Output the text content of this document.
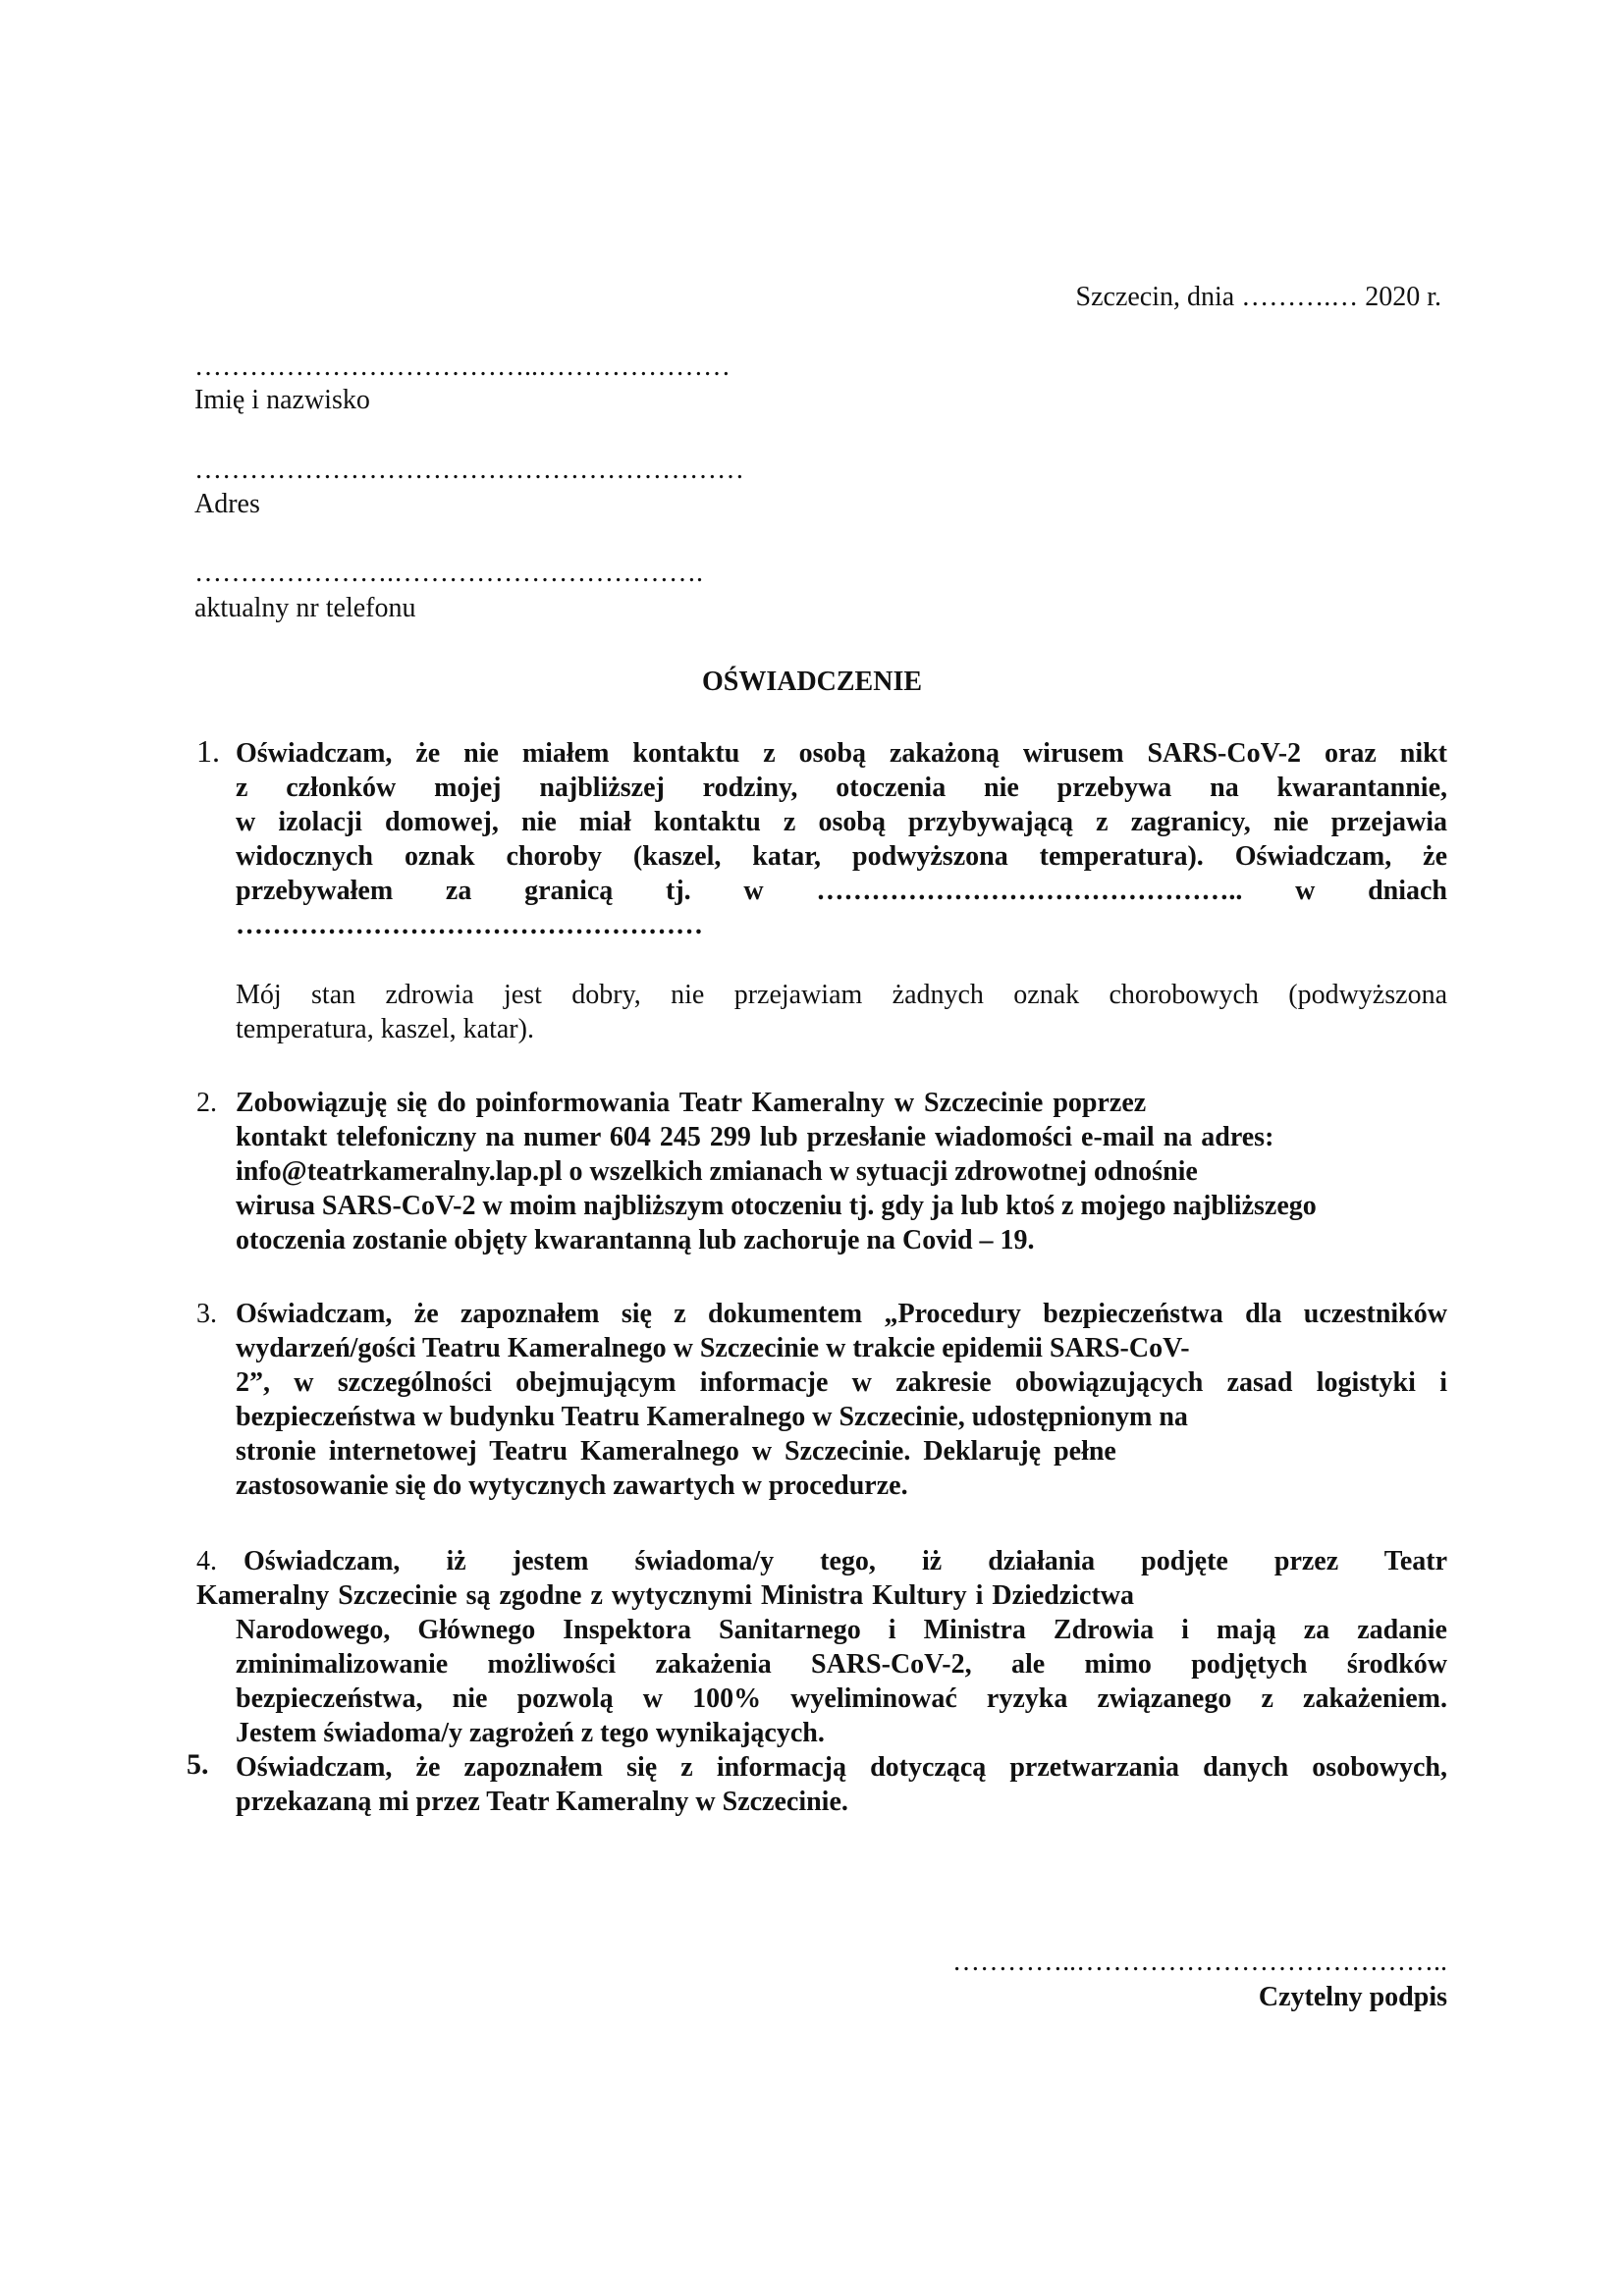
Szczecin, dnia ……….… 2020 r.
………………………………..…………………
Imię i nazwisko
……………………………………………………
Adres
………………….…………………………….
aktualny nr telefonu
OŚWIADCZENIE
1. Oświadczam, że nie miałem kontaktu z osobą zakażoną wirusem SARS-CoV-2 oraz nikt
z członków mojej najbliższej rodziny, otoczenia nie przebywa na kwarantannie,
w izolacji domowej, nie miał kontaktu z osobą przybywającą z zagranicy, nie przejawia
widocznych oznak choroby (kaszel, katar, podwyższona temperatura). Oświadczam, że
przebywałem za granicą tj. w ……………………………………….. w dniach
……………………………………………
Mój stan zdrowia jest dobry, nie przejawiam żadnych oznak chorobowych (podwyższona
temperatura, kaszel, katar).
2. Zobowiązuję się do poinformowania Teatr Kameralny w Szczecinie poprzez
kontakt telefoniczny na numer 604 245 299 lub przesłanie wiadomości e-mail na adres:
info@teatrkameralny.lap.pl o wszelkich zmianach w sytuacji zdrowotnej odnośnie
wirusa SARS-CoV-2 w moim najbliższym otoczeniu tj. gdy ja lub ktoś z mojego najbliższego
otoczenia zostanie objęty kwarantanną lub zachoruje na Covid – 19.
3. Oświadczam, że zapoznałem się z dokumentem „Procedury bezpieczeństwa dla uczestników
wydarzeń/gości Teatru Kameralnego w Szczecinie w trakcie epidemii SARS-CoV-
2”, w szczególności obejmującym informacje w zakresie obowiązujących zasad logistyki i
bezpieczeństwa w budynku Teatru Kameralnego w Szczecinie, udostępnionym na
stronie internetowej Teatru Kameralnego w Szczecinie. Deklaruję pełne
zastosowanie się do wytycznych zawartych w procedurze.
4. Oświadczam, iż jestem świadoma/y tego, iż działania podjęte przez Teatr
Kameralny Szczecinie są zgodne z wytycznymi Ministra Kultury i Dziedzictwa
Narodowego, Głównego Inspektora Sanitarnego i Ministra Zdrowia i mają za zadanie
zminimalizowanie możliwości zakażenia SARS-CoV-2, ale mimo podjętych środków
bezpieczeństwa, nie pozwolą w 100% wyeliminować ryzyka związanego z zakażeniem.
Jestem świadoma/y zagrożeń z tego wynikających.
5. Oświadczam, że zapoznałem się z informacją dotyczącą przetwarzania danych osobowych,
przekazaną mi przez Teatr Kameralny w Szczecinie.
…………..…………………………………..
Czytelny podpis
